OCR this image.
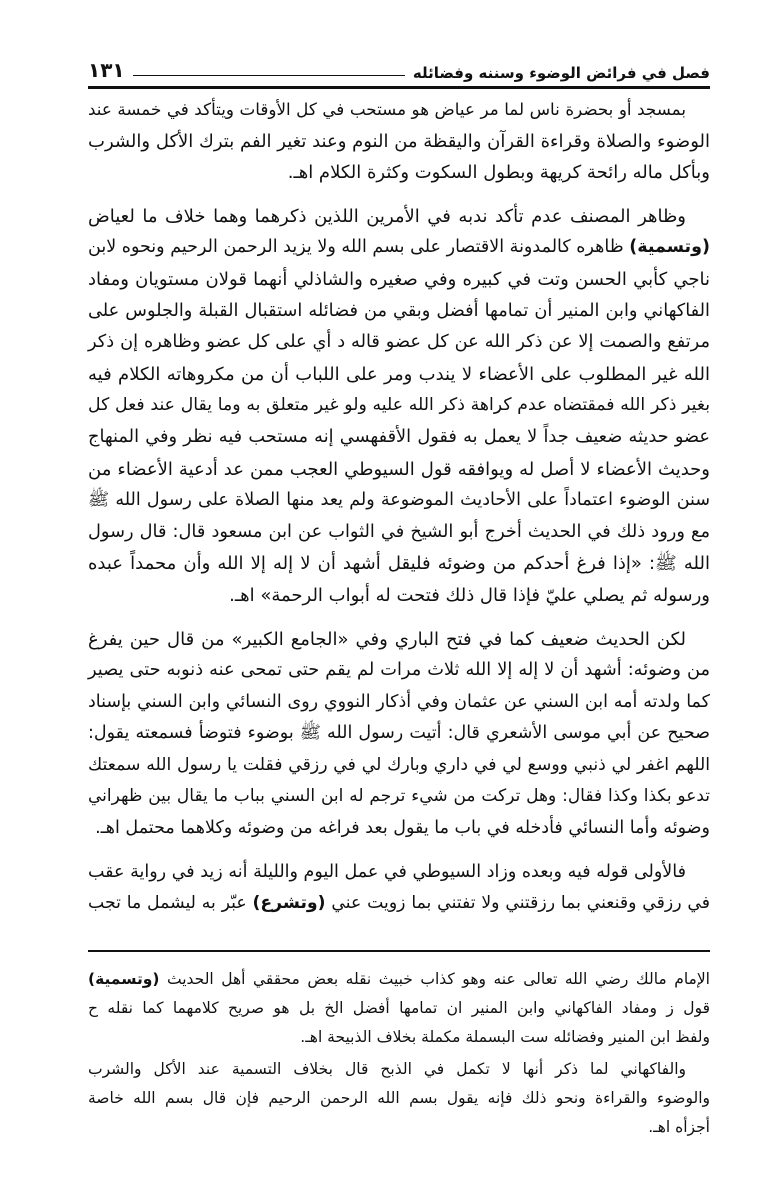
فصل في فرائض الوضوء وسننه وفضائله
١٣١
بمسجد أو بحضرة ناس لما مر عياض هو مستحب في كل الأوقات ويتأكد في خمسة عند
الوضوء والصلاة وقراءة القرآن واليقظة من النوم وعند تغير الفم بترك الأكل والشرب
وبأكل ماله رائحة كريهة وبطول السكوت وكثرة الكلام اهـ.
وظاهر المصنف عدم تأكد ندبه في الأمرين اللذين ذكرهما وهما خلاف ما لعياض
(وتسمية) ظاهره كالمدونة الاقتصار على بسم الله ولا يزيد الرحمن الرحيم ونحوه لابن
ناجي كأبي الحسن وتت في كبيره وفي صغيره والشاذلي أنهما قولان مستويان ومفاد
الفاكهاني وابن المنير أن تمامها أفضل وبقي من فضائله استقبال القبلة والجلوس على
مرتفع والصمت إلا عن ذكر الله عن كل عضو قاله د أي على كل عضو وظاهره إن ذكر
الله غير المطلوب على الأعضاء لا يندب ومر على اللباب أن من مكروهاته الكلام فيه
بغير ذكر الله فمقتضاه عدم كراهة ذكر الله عليه ولو غير متعلق به وما يقال عند فعل كل
عضو حديثه ضعيف جداً لا يعمل به فقول الأقفهسي إنه مستحب فيه نظر وفي المنهاج
وحديث الأعضاء لا أصل له ويوافقه قول السيوطي العجب ممن عد أدعية الأعضاء من
سنن الوضوء اعتماداً على الأحاديث الموضوعة ولم يعد منها الصلاة على رسول الله ﷺ
مع ورود ذلك في الحديث أخرج أبو الشيخ في الثواب عن ابن مسعود قال: قال رسول
الله ﷺ: «إذا فرغ أحدكم من وضوئه فليقل أشهد أن لا إله إلا الله وأن محمداً عبده
ورسوله ثم يصلي عليّ فإذا قال ذلك فتحت له أبواب الرحمة» اهـ.
لكن الحديث ضعيف كما في فتح الباري وفي «الجامع الكبير» من قال حين يفرغ
من وضوئه: أشهد أن لا إله إلا الله ثلاث مرات لم يقم حتى تمحى عنه ذنوبه حتى يصير
كما ولدته أمه ابن السني عن عثمان وفي أذكار النووي روى النسائي وابن السني بإسناد
صحيح عن أبي موسى الأشعري قال: أتيت رسول الله ﷺ بوضوء فتوضأ فسمعته يقول:
اللهم اغفر لي ذنبي ووسع لي في داري وبارك لي في رزقي فقلت يا رسول الله سمعتك
تدعو بكذا وكذا فقال: وهل تركت من شيء ترجم له ابن السني بباب ما يقال بين ظهراني
وضوئه وأما النسائي فأدخله في باب ما يقول بعد فراغه من وضوئه وكلاهما محتمل اهـ.
فالأولى قوله فيه وبعده وزاد السيوطي في عمل اليوم والليلة أنه زيد في رواية عقب
في رزقي وقنعني بما رزقتني ولا تفتني بما زويت عني (وتشرع) عبّر به ليشمل ما تجب
الإمام مالك رضي الله تعالى عنه وهو كذاب خبيث نقله بعض محققي أهل الحديث (وتسمية)
قول ز ومفاد الفاكهاني وابن المنير ان تمامها أفضل الخ بل هو صريح كلامهما كما نقله ح
ولفظ ابن المنير وفضائله ست البسملة مكملة بخلاف الذبيحة اهـ.
والفاكهاني لما ذكر أنها لا تكمل في الذبح قال بخلاف التسمية عند الأكل والشرب
والوضوء والقراءة ونحو ذلك فإنه يقول بسم الله الرحمن الرحيم فإن قال بسم الله خاصة
أجزأه اهـ.
